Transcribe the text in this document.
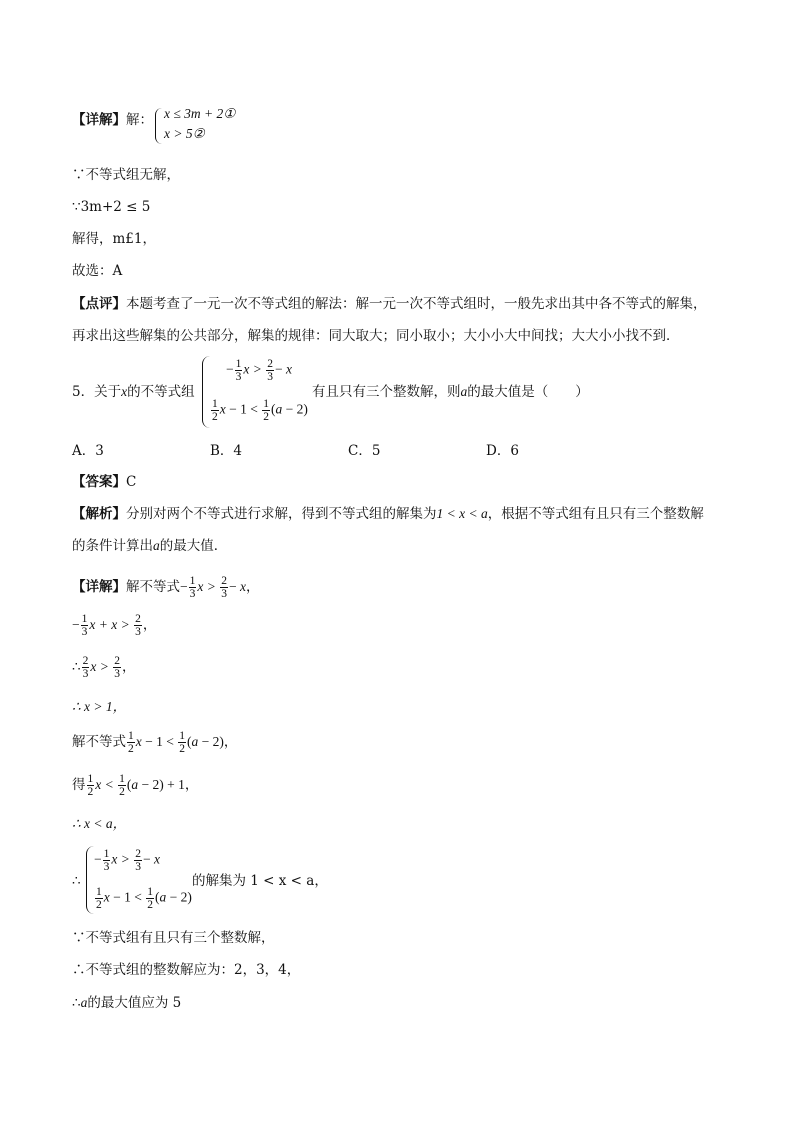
【详解】解： x ≤ 3m + 2①
x > 5②
∵不等式组无解，
∵3m+2 ≤ 5
解得，m£1，
故选：A
【点评】本题考查了一元一次不等式组的解法：解一元一次不等式组时，一般先求出其中各不等式的解集，
再求出这些解集的公共部分，解集的规律：同大取大；同小取小；大小小大中间找；大大小小找不到．
5．关于x的不等式组
− $\frac{1}{3}$ $x > \frac{2}{3} - x$
$\frac{1}{2}$ $x - 1 < \frac{1}{2} (a - 2)$
有且只有三个整数解，则a的最大值是（　　）
A．3	B．4	C．5	D．6
【答案】C
【解析】分别对两个不等式进行求解，得到不等式组的解集为1 < x < a，根据不等式组有且只有三个整数解
的条件计算出a的最大值．
【详解】解不等式− $\frac{1}{3}$ $x > \frac{2}{3} - x$，
− $\frac{1}{3}$ $x + x > \frac{2}{3}$ ，
∴ $\frac{2}{3}$ $x > \frac{2}{3}$ ，
∴ x > 1，
解不等式 $\frac{1}{2}$ $x - 1 < \frac{1}{2} (a - 2)$，
得 $\frac{1}{2}$ $x < \frac{1}{2} (a - 2) + 1$，
∴ x < a，
∴
− $\frac{1}{3}$ $x > \frac{2}{3} - x$
$\frac{1}{2}$ $x - 1 < \frac{1}{2} (a - 2)$
的解集为 1 < x < a，
∵不等式组有且只有三个整数解，
∴不等式组的整数解应为：2，3，4，
∴a的最大值应为 5
